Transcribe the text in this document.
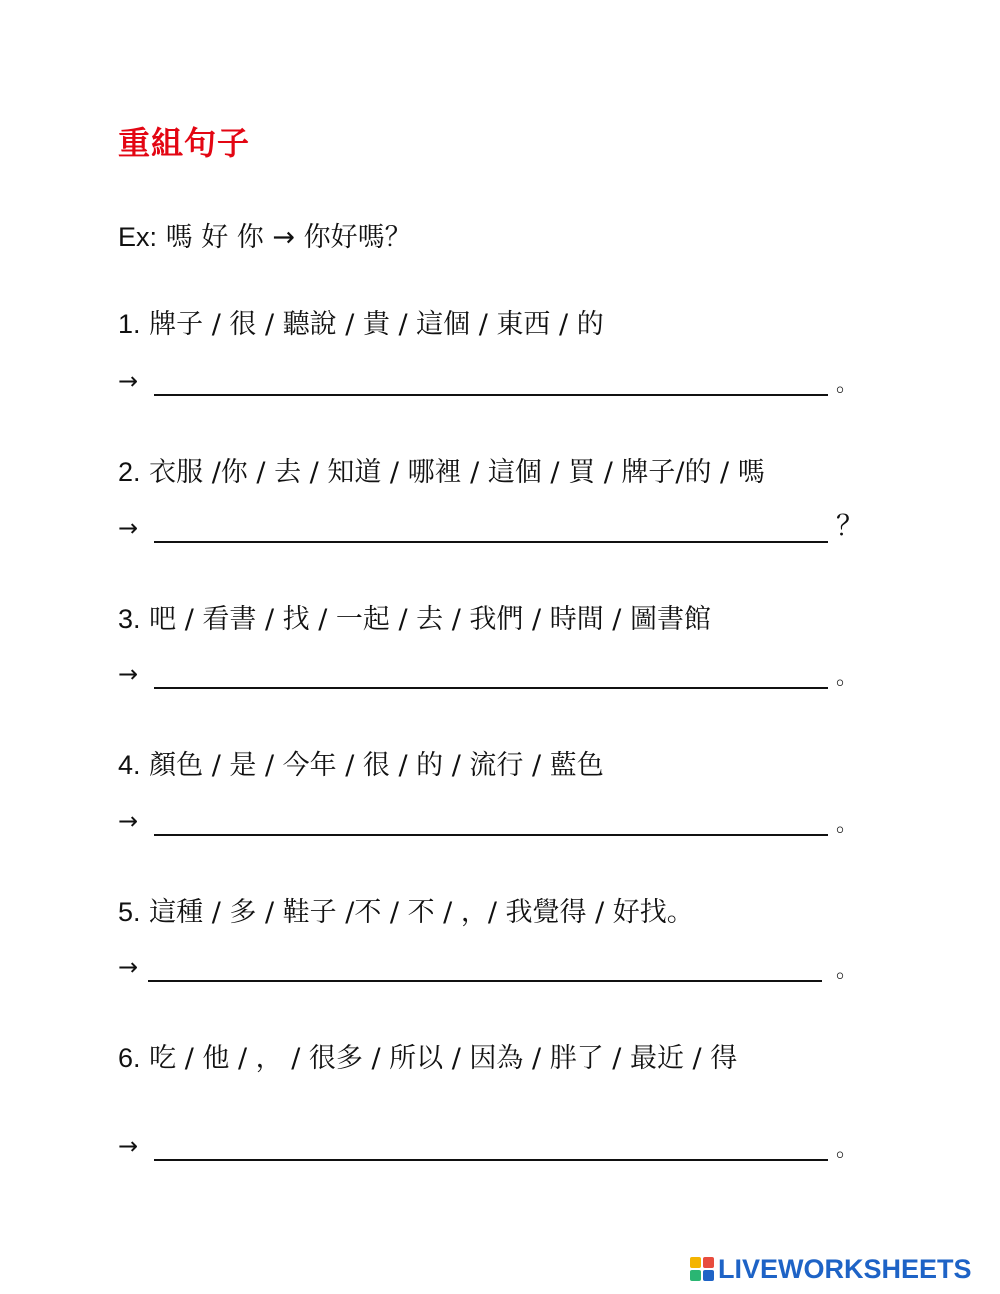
重組句子
Ex: 嗎 好 你 → 你好嗎？
1. 牌子 / 很 / 聽說 / 貴 / 這個 / 東西 / 的
→	。
2. 衣服 /你 / 去 / 知道 / 哪裡 / 這個 / 買 / 牌子/的 / 嗎
→	？
3. 吧 / 看書 / 找 / 一起 / 去 / 我們 / 時間 / 圖書館
→	。
4. 顏色 / 是 / 今年 / 很 / 的 / 流行 / 藍色
→	。
5. 這種 / 多 / 鞋子 /不 / 不 / ，/ 我覺得 / 好找。
→	。
6. 吃 / 他 / ， / 很多 / 所以 / 因為 / 胖了 / 最近 / 得
→	。
LIVEWORKSHEETS
